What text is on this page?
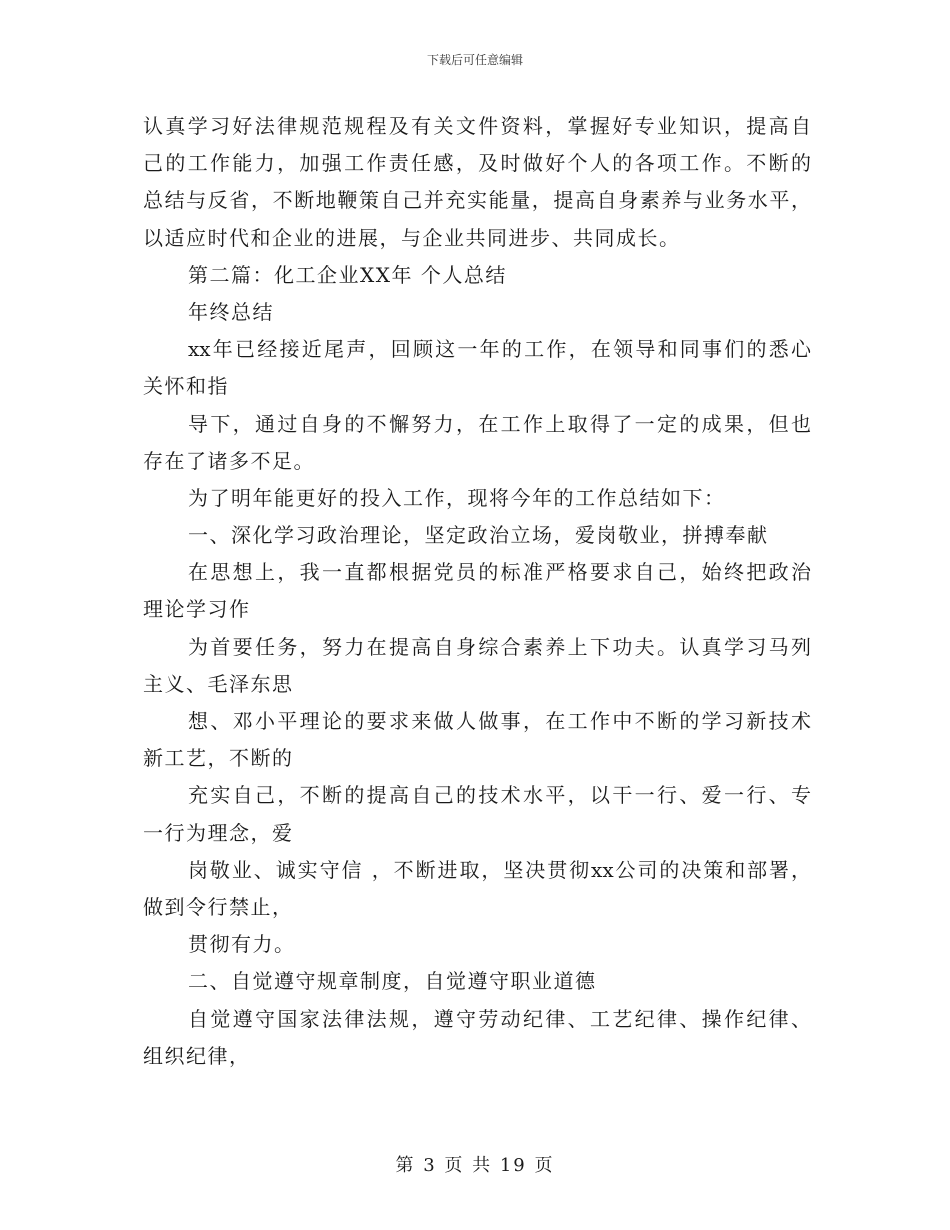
下载后可任意编辑
认真学习好法律规范规程及有关文件资料，掌握好专业知识，提高自
己的工作能力，加强工作责任感，及时做好个人的各项工作。不断的
总结与反省，不断地鞭策自己并充实能量，提高自身素养与业务水平，
以适应时代和企业的进展，与企业共同进步、共同成长。
第二篇：化工企业XX年 个人总结
年终总结
xx年已经接近尾声，回顾这一年的工作，在领导和同事们的悉心
关怀和指
导下，通过自身的不懈努力，在工作上取得了一定的成果，但也
存在了诸多不足。
为了明年能更好的投入工作，现将今年的工作总结如下：
一、深化学习政治理论，坚定政治立场，爱岗敬业，拼搏奉献
在思想上，我一直都根据党员的标准严格要求自己，始终把政治
理论学习作
为首要任务，努力在提高自身综合素养上下功夫。认真学习马列
主义、毛泽东思
想、邓小平理论的要求来做人做事，在工作中不断的学习新技术
新工艺，不断的
充实自己，不断的提高自己的技术水平，以干一行、爱一行、专
一行为理念，爱
岗敬业、诚实守信 ，不断进取，坚决贯彻xx公司的决策和部署，
做到令行禁止，
贯彻有力。
二、自觉遵守规章制度，自觉遵守职业道德
自觉遵守国家法律法规，遵守劳动纪律、工艺纪律、操作纪律、
组织纪律，
第 3 页 共 19 页
